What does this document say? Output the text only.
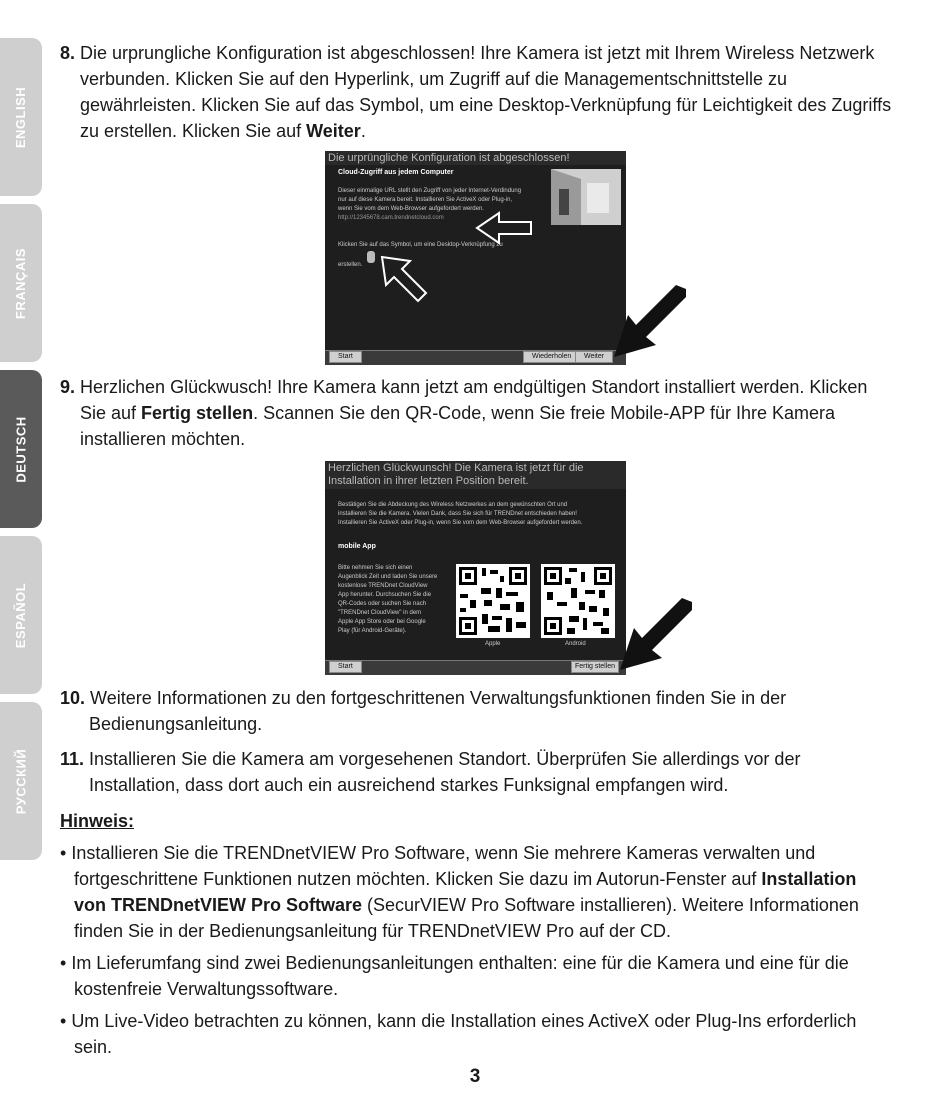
ENGLISH
FRANÇAIS
DEUTSCH
ESPAÑOL
РУССКИЙ

8. Die urprungliche Konfiguration ist abgeschlossen! Ihre Kamera ist jetzt mit Ihrem Wireless Netzwerk verbunden. Klicken Sie auf den Hyperlink, um Zugriff auf die Managementschnittstelle zu gewährleisten. Klicken Sie auf das Symbol, um eine Desktop-Verknüpfung für Leichtigkeit des Zugriffs zu erstellen. Klicken Sie auf Weiter.

Die urprüngliche Konfiguration ist abgeschlossen!
Cloud-Zugriff aus jedem Computer
Dieser einmalige URL stellt den Zugriff von jeder Internet-Verdindung
nur auf diese Kamera bereit. Installieren Sie ActiveX oder Plug-in,
wenn Sie vom dem Web-Browser aufgefordert werden.
http://12345678.cam.trendnetcloud.com
Klicken Sie auf das Symbol, um eine Desktop-Verknüpfung zu
erstellen.
Start	Wiederholen	Weiter

9. Herzlichen Glückwusch! Ihre Kamera kann jetzt am endgültigen Standort installiert werden. Klicken Sie auf Fertig stellen. Scannen Sie den QR-Code, wenn Sie freie Mobile-APP für Ihre Kamera installieren möchten.

Herzlichen Glückwunsch! Die Kamera ist jetzt für die
Installation in ihrer letzten Position bereit.
Bestätigen Sie die Abdeckung des Wireless Netzwerkes an dem gewünschten Ort und
installieren Sie die Kamera. Vielen Dank, dass Sie sich für TRENDnet entschieden haben!
Installieren Sie ActiveX oder Plug-in, wenn Sie vom dem Web-Browser aufgefordert werden.
mobile App
Bitte nehmen Sie sich einen
Augenblick Zeit und laden Sie unsere
kostenlose TRENDnet CloudView
App herunter. Durchsuchen Sie die
QR-Codes oder suchen Sie nach
"TRENDnet CloudView" in dem
Apple App Store oder bei Google
Play (für Android-Geräte).
Apple	Android
Start	Fertig stellen

10. Weitere Informationen zu den fortgeschrittenen Verwaltungsfunktionen finden Sie in der Bedienungsanleitung.

11. Installieren Sie die Kamera am vorgesehenen Standort. Überprüfen Sie allerdings vor der Installation, dass dort auch ein ausreichend starkes Funksignal empfangen wird.

Hinweis:
• Installieren Sie die TRENDnetVIEW Pro Software, wenn Sie mehrere Kameras verwalten und fortgeschrittene Funktionen nutzen möchten. Klicken Sie dazu im Autorun-Fenster auf Installation von TRENDnetVIEW Pro Software (SecurVIEW Pro Software installieren). Weitere Informationen finden Sie in der Bedienungsanleitung für TRENDnetVIEW Pro auf der CD.
• Im Lieferumfang sind zwei Bedienungsanleitungen enthalten: eine für die Kamera und eine für die kostenfreie Verwaltungssoftware.
• Um Live-Video betrachten zu können, kann die Installation eines ActiveX oder Plug-Ins erforderlich sein.
3
